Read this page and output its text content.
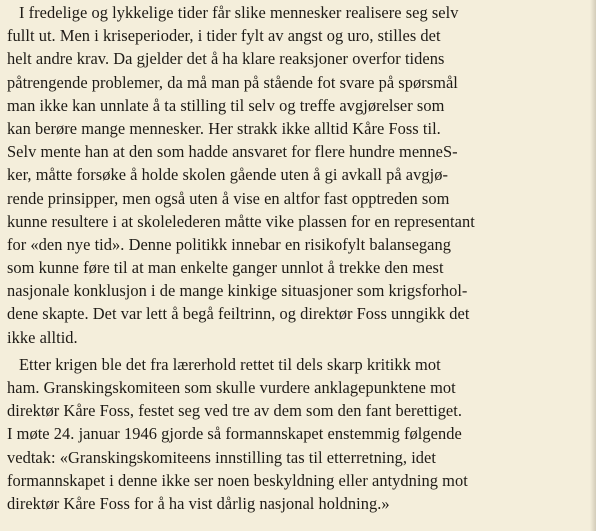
I fredelige og lykkelige tider får slike mennesker realisere seg selv
fullt ut. Men i kriseperioder, i tider fylt av angst og uro, stilles det
helt andre krav. Da gjelder det å ha klare reaksjoner overfor tidens
påtrengende problemer, da må man på stående fot svare på spørsmål
man ikke kan unnlate å ta stilling til selv og treffe avgjørelser som
kan berøre mange mennesker. Her strakk ikke alltid Kåre Foss til.
Selv mente han at den som hadde ansvaret for flere hundre menneS-
ker, måtte forsøke å holde skolen gående uten å gi avkall på avgjø-
rende prinsipper, men også uten å vise en altfor fast opptreden som
kunne resultere i at skolelederen måtte vike plassen for en representant
for «den nye tid». Denne politikk innebar en risikofylt balansegang
som kunne føre til at man enkelte ganger unnlot å trekke den mest
nasjonale konklusjon i de mange kinkige situasjoner som krigsforhol-
dene skapte. Det var lett å begå feiltrinn, og direktør Foss unngikk det
ikke alltid.
Etter krigen ble det fra lærerhold rettet til dels skarp kritikk mot
ham. Granskingskomiteen som skulle vurdere anklagepunktene mot
direktør Kåre Foss, festet seg ved tre av dem som den fant berettiget.
I møte 24. januar 1946 gjorde så formannskapet enstemmig følgende
vedtak: «Granskingskomiteens innstilling tas til etterretning, idet
formannskapet i denne ikke ser noen beskyldning eller antydning mot
direktør Kåre Foss for å ha vist dårlig nasjonal holdning.»
